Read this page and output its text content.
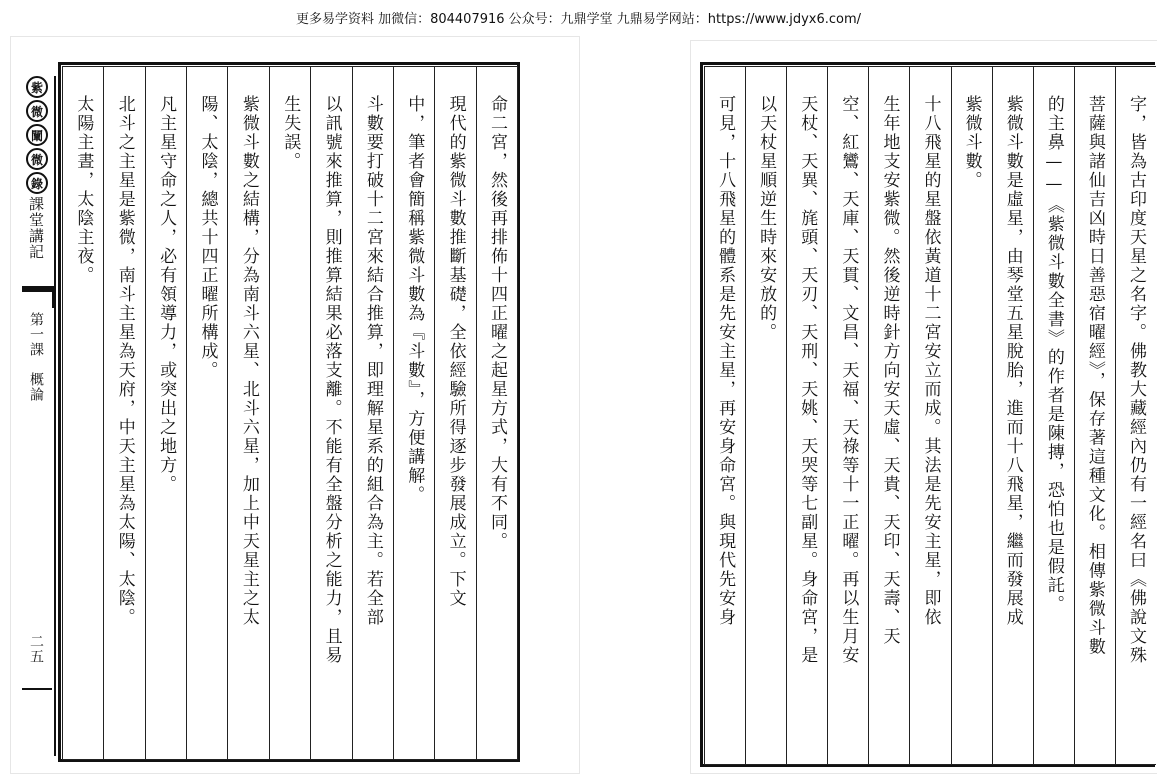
更多易学资料 加微信：804407916 公众号：九鼎学堂 九鼎易学网站：https://www.jdyx6.com/
紫
微
闡
微
錄
課堂講記
第一課　概論
二五
命二宮，然後再排佈十四正曜之起星方式，大有不同。
現代的紫微斗數推斷基礎，全依經驗所得逐步發展成立。下文
中，筆者會簡稱紫微斗數為『斗數』，方便講解。
斗數要打破十二宮來結合推算，即理解星系的組合為主。若全部
以訊號來推算，則推算結果必落支離。不能有全盤分析之能力，且易
生失誤。
紫微斗數之結構，分為南斗六星、北斗六星，加上中天星主之太
陽、太陰，總共十四正曜所構成。
凡主星守命之人，必有領導力，或突出之地方。
北斗之主星是紫微，南斗主星為天府，中天主星為太陽、太陰。
太陽主晝，太陰主夜。	字，皆為古印度天星之名字。佛教大藏經內仍有一經名曰《佛說文殊
菩薩與諸仙吉凶時日善惡宿曜經》，保存著這種文化。相傳紫微斗數
的主鼻——《紫微斗數全書》的作者是陳摶，恐怕也是假託。
紫微斗數是虛星，由琴堂五星脫胎，進而十八飛星，繼而發展成
紫微斗數。
十八飛星的星盤依黃道十二宮安立而成。其法是先安主星，即依
生年地支安紫微。然後逆時針方向安天虛、天貴、天印、天壽、天
空、紅鸞、天庫、天貫、文昌、天福、天祿等十一正曜。再以生月安
天杖、天異、旄頭、天刃、天刑、天姚、天哭等七副星。身命宮，是
以天杖星順逆生時來安放的。
可見，十八飛星的體系是先安主星，再安身命宮。與現代先安身
